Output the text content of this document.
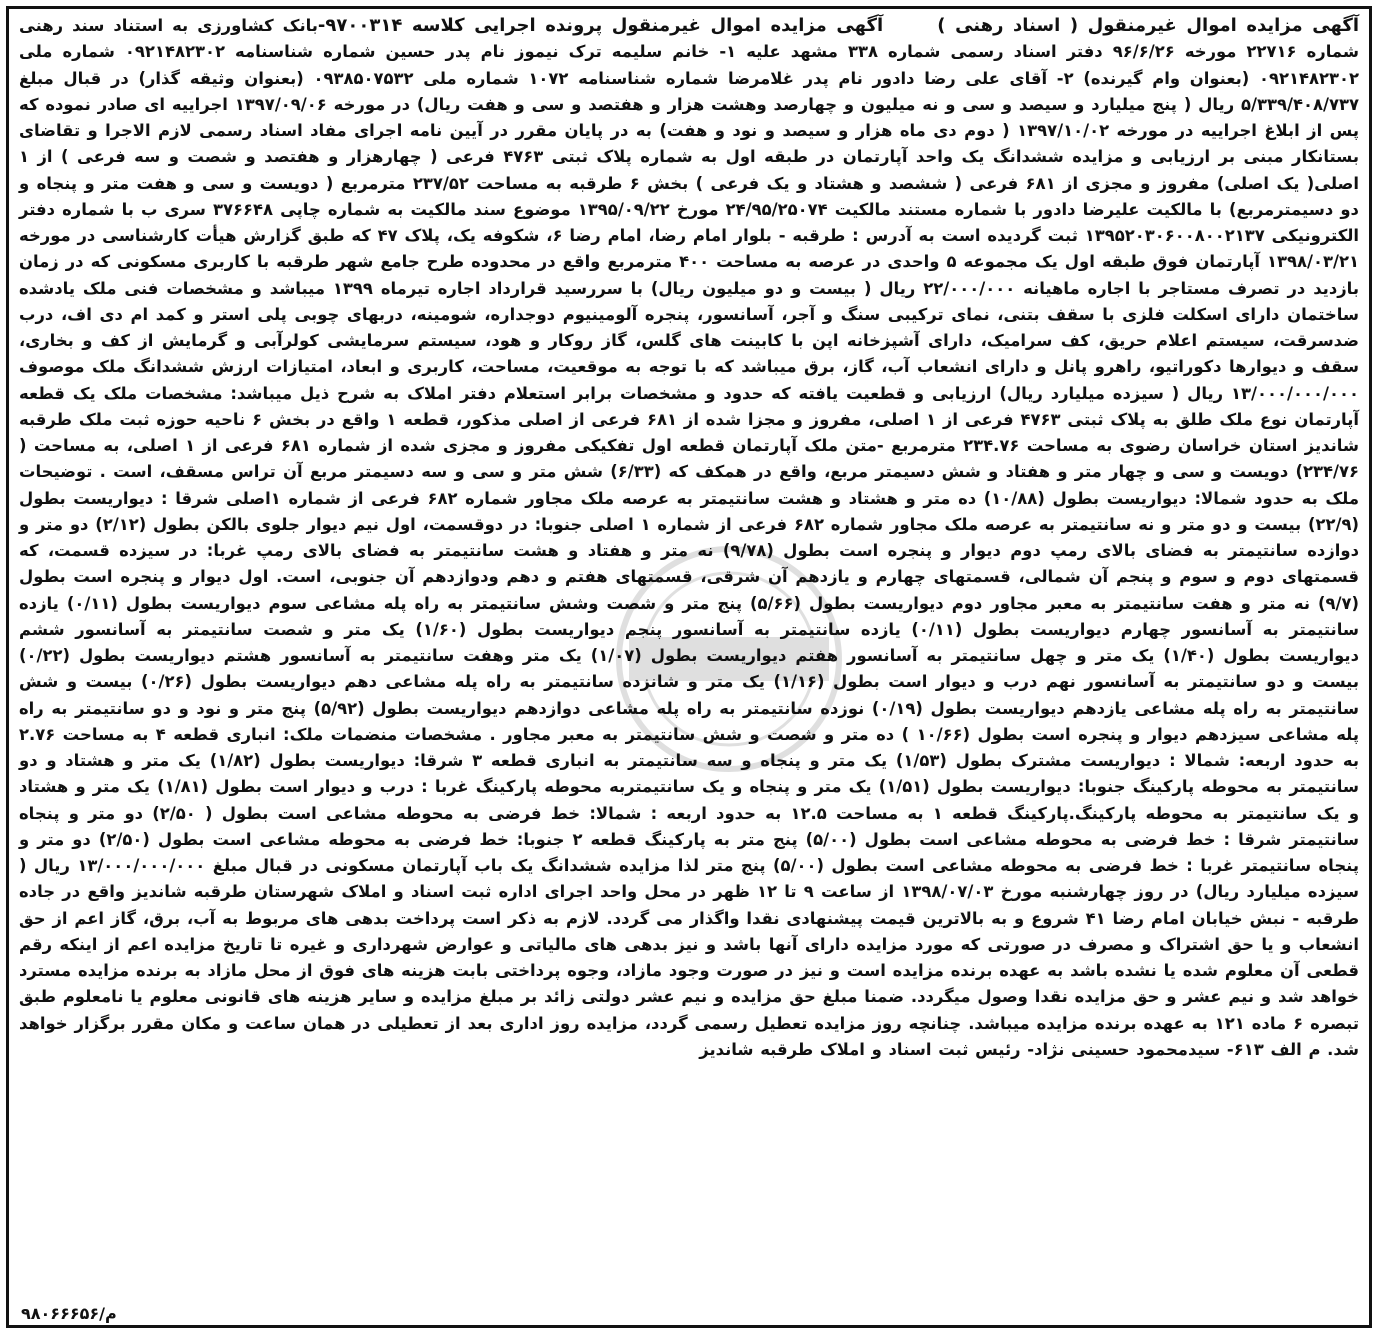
آگهی مزایده اموال غیرمنقول ( اسناد رهنی )      آگهی مزایده اموال غیرمنقول پرونده اجرایی کلاسه ۹۷۰۰۳۱۴-بانک کشاورزی به استناد سند رهنی شماره ۲۲۷۱۶ مورخه ۹۶/۶/۲۶ دفتر اسناد رسمی شماره ۳۳۸ مشهد علیه ۱- خانم سلیمه ترک نیموز نام پدر حسین شماره شناسنامه ۰۹۲۱۴۸۲۳۰۲ شماره ملی ۰۹۲۱۴۸۲۳۰۲ (بعنوان وام گیرنده) ۲- آقای علی رضا دادور نام پدر غلامرضا شماره شناسنامه ۱۰۷۲ شماره ملی ۰۹۳۸۵۰۷۵۳۲ (بعنوان وثیقه گذار) در قبال مبلغ ۵/۳۳۹/۴۰۸/۷۳۷ ریال ( پنج میلیارد و سیصد و سی و نه میلیون و چهارصد وهشت هزار و هفتصد و سی و هفت ریال) در مورخه ۱۳۹۷/۰۹/۰۶ اجراییه ای صادر نموده که پس از ابلاغ اجراییه در مورخه ۱۳۹۷/۱۰/۰۲ ( دوم دی ماه هزار و سیصد و نود و هفت) به در پایان مقرر در آیین نامه اجرای مفاد اسناد رسمی لازم الاجرا و تقاضای بستانکار مبنی بر ارزیابی و مزایده ششدانگ یک واحد آپارتمان در طبقه اول به شماره پلاک ثبتی ۴۷۶۳ فرعی ( چهارهزار و هفتصد و شصت و سه فرعی ) از ۱ اصلی( یک اصلی) مفروز و مجزی از ۶۸۱ فرعی ( ششصد و هشتاد و یک فرعی ) بخش ۶ طرقبه به مساحت ۲۳۷/۵۲ مترمربع ( دویست و سی و هفت متر و پنجاه و دو دسیمترمربع) با مالکیت علیرضا دادور با شماره مستند مالکیت ۲۴/۹۵/۲۵۰۷۴ مورخ ۱۳۹۵/۰۹/۲۲ موضوع سند مالکیت به شماره چاپی ۳۷۶۶۴۸ سری ب با شماره دفتر الکترونیکی ۱۳۹۵۲۰۳۰۶۰۰۸۰۰۲۱۳۷ ثبت گردیده است به آدرس : طرقبه - بلوار امام رضا، امام رضا ۶، شکوفه یک، پلاک ۴۷ که طبق گزارش هیأت کارشناسی در مورخه ۱۳۹۸/۰۳/۲۱ آپارتمان فوق طبقه اول یک مجموعه ۵ واحدی در عرصه به مساحت ۴۰۰ مترمربع واقع در محدوده طرح جامع شهر طرقبه با کاربری مسکونی که در زمان بازدید در تصرف مستاجر با اجاره ماهیانه ۲۲/۰۰۰/۰۰۰ ریال ( بیست و دو میلیون ریال) با سررسید قرارداد اجاره تیرماه ۱۳۹۹ میباشد و مشخصات فنی ملک یادشده ساختمان دارای اسکلت فلزی با سقف بتنی، نمای ترکیبی سنگ و آجر، آسانسور، پنجره آلومینیوم دوجداره، شومینه، دربهای چوبی پلی استر و کمد ام دی اف، درب ضدسرقت، سیستم اعلام حریق، کف سرامیک، دارای آشپزخانه اپن با کابینت های گلس، گاز روکار و هود، سیستم سرمایشی کولرآبی و گرمایش از کف و بخاری، سقف و دیوارها دکوراتیو، راهرو پانل و دارای انشعاب آب، گاز، برق میباشد که با توجه به موقعیت، مساحت، کاربری و ابعاد، امتیازات ارزش ششدانگ ملک موصوف ۱۳/۰۰۰/۰۰۰/۰۰۰ ریال ( سیزده میلیارد ریال) ارزیابی و قطعیت یافته که حدود و مشخصات برابر استعلام دفتر املاک به شرح ذیل میباشد: مشخصات ملک یک قطعه آپارتمان نوع ملک طلق به پلاک ثبتی ۴۷۶۳ فرعی از ۱ اصلی، مفروز و مجزا شده از ۶۸۱ فرعی از اصلی مذکور، قطعه ۱ واقع در بخش ۶ ناحیه حوزه ثبت ملک طرقبه شاندیز استان خراسان رضوی به مساحت ۲۳۴.۷۶ مترمربع -متن ملک آپارتمان قطعه اول تفکیکی مفروز و مجزی شده از شماره ۶۸۱ فرعی از ۱ اصلی، به مساحت ( ۲۳۴/۷۶) دویست و سی و چهار متر و هفتاد و شش دسیمتر مربع، واقع در همکف که (۶/۳۳) شش متر و سی و سه دسیمتر مربع آن تراس مسقف، است . توضیحات ملک به حدود شمالا: دیواریست بطول (۱۰/۸۸) ده متر و هشتاد و هشت سانتیمتر به عرصه ملک مجاور شماره ۶۸۲ فرعی از شماره ۱اصلی شرقا : دیواریست بطول (۲۲/۹) بیست و دو متر و نه سانتیمتر به عرصه ملک مجاور شماره ۶۸۲ فرعی از شماره ۱ اصلی جنوبا: در دوقسمت، اول نیم دیوار جلوی بالکن بطول (۲/۱۲) دو متر و دوازده سانتیمتر به فضای بالای رمپ دوم دیوار و پنجره است بطول (۹/۷۸) نه متر و هفتاد و هشت سانتیمتر به فضای بالای رمپ غربا: در سیزده قسمت، که قسمتهای دوم و سوم و پنجم آن شمالی، قسمتهای چهارم و یازدهم آن شرقی، قسمتهای هفتم و دهم ودوازدهم آن جنوبی، است. اول دیوار و پنجره است بطول (۹/۷) نه متر و هفت سانتیمتر به معبر مجاور دوم دیواریست بطول (۵/۶۶) پنج متر و شصت وشش سانتیمتر به راه پله مشاعی سوم دیواریست بطول (۰/۱۱) یازده سانتیمتر به آسانسور چهارم دیواریست بطول (۰/۱۱) یازده سانتیمتر به آسانسور پنجم دیواریست بطول (۱/۶۰) یک متر و شصت سانتیمتر به آسانسور ششم دیواریست بطول (۱/۴۰) یک متر و چهل سانتیمتر به آسانسور هفتم دیواریست بطول (۱/۰۷) یک متر وهفت سانتیمتر به آسانسور هشتم دیواریست بطول (۰/۲۲) بیست و دو سانتیمتر به آسانسور نهم درب و دیوار است بطول (۱/۱۶) یک متر و شانزده سانتیمتر به راه پله مشاعی دهم دیواریست بطول (۰/۲۶) بیست و شش سانتیمتر به راه پله مشاعی یازدهم دیواریست بطول (۰/۱۹) نوزده سانتیمتر به راه پله مشاعی دوازدهم دیواریست بطول (۵/۹۲) پنج متر و نود و دو سانتیمتر به راه پله مشاعی سیزدهم دیوار و پنجره است بطول (۱۰/۶۶ ) ده متر و شصت و شش سانتیمتر به معبر مجاور . مشخصات منضمات ملک: انباری قطعه ۴ به مساحت ۲.۷۶ به حدود اربعه: شمالا : دیواریست مشترک بطول (۱/۵۳) یک متر و پنجاه و سه سانتیمتر به انباری قطعه ۳ شرقا: دیواریست بطول (۱/۸۲) یک متر و هشتاد و دو سانتیمتر به محوطه پارکینگ جنوبا: دیواریست بطول (۱/۵۱) یک متر و پنجاه و یک سانتیمتربه محوطه پارکینگ غربا : درب و دیوار است بطول (۱/۸۱) یک متر و هشتاد و یک سانتیمتر به محوطه پارکینگ.پارکینگ قطعه ۱ به مساحت ۱۲.۵ به حدود اربعه : شمالا: خط فرضی به محوطه مشاعی است بطول ( ۲/۵۰) دو متر و پنجاه سانتیمتر شرقا : خط فرضی به محوطه مشاعی است بطول (۵/۰۰) پنج متر به پارکینگ قطعه ۲ جنوبا: خط فرضی به محوطه مشاعی است بطول (۲/۵۰) دو متر و پنجاه سانتیمتر غربا : خط فرضی به محوطه مشاعی است بطول (۵/۰۰) پنج متر لذا مزایده ششدانگ یک باب آپارتمان مسکونی در قبال مبلغ ۱۳/۰۰۰/۰۰۰/۰۰۰ ریال ( سیزده میلیارد ریال) در روز چهارشنبه مورخ ۱۳۹۸/۰۷/۰۳ از ساعت ۹ تا ۱۲ ظهر در محل واحد اجرای اداره ثبت اسناد و املاک شهرستان طرقبه شاندیز واقع در جاده طرقبه - نبش خیابان امام رضا ۴۱ شروع و به بالاترین قیمت پیشنهادی نقدا واگذار می گردد. لازم به ذکر است پرداخت بدهی های مربوط به آب، برق، گاز اعم از حق انشعاب و یا حق اشتراک و مصرف در صورتی که مورد مزایده دارای آنها باشد و نیز بدهی های مالیاتی و عوارض شهرداری و غیره تا تاریخ مزایده اعم از اینکه رقم قطعی آن معلوم شده یا نشده باشد به عهده برنده مزایده است و نیز در صورت وجود مازاد، وجوه پرداختی بابت هزینه های فوق از محل مازاد به برنده مزایده مسترد خواهد شد و نیم عشر و حق مزایده نقدا وصول میگردد. ضمنا مبلغ حق مزایده و نیم عشر دولتی زائد بر مبلغ مزایده و سایر هزینه های قانونی معلوم یا نامعلوم طبق تبصره ۶ ماده ۱۲۱ به عهده برنده مزایده میباشد. چنانچه روز مزایده تعطیل رسمی گردد، مزایده روز اداری بعد از تعطیلی در همان ساعت و مکان مقرر برگزار خواهد شد. م الف ۶۱۳- سیدمحمود حسینی نژاد- رئیس ثبت اسناد و املاک طرقبه شاندیز
م/۹۸۰۶۶۶۵۶
